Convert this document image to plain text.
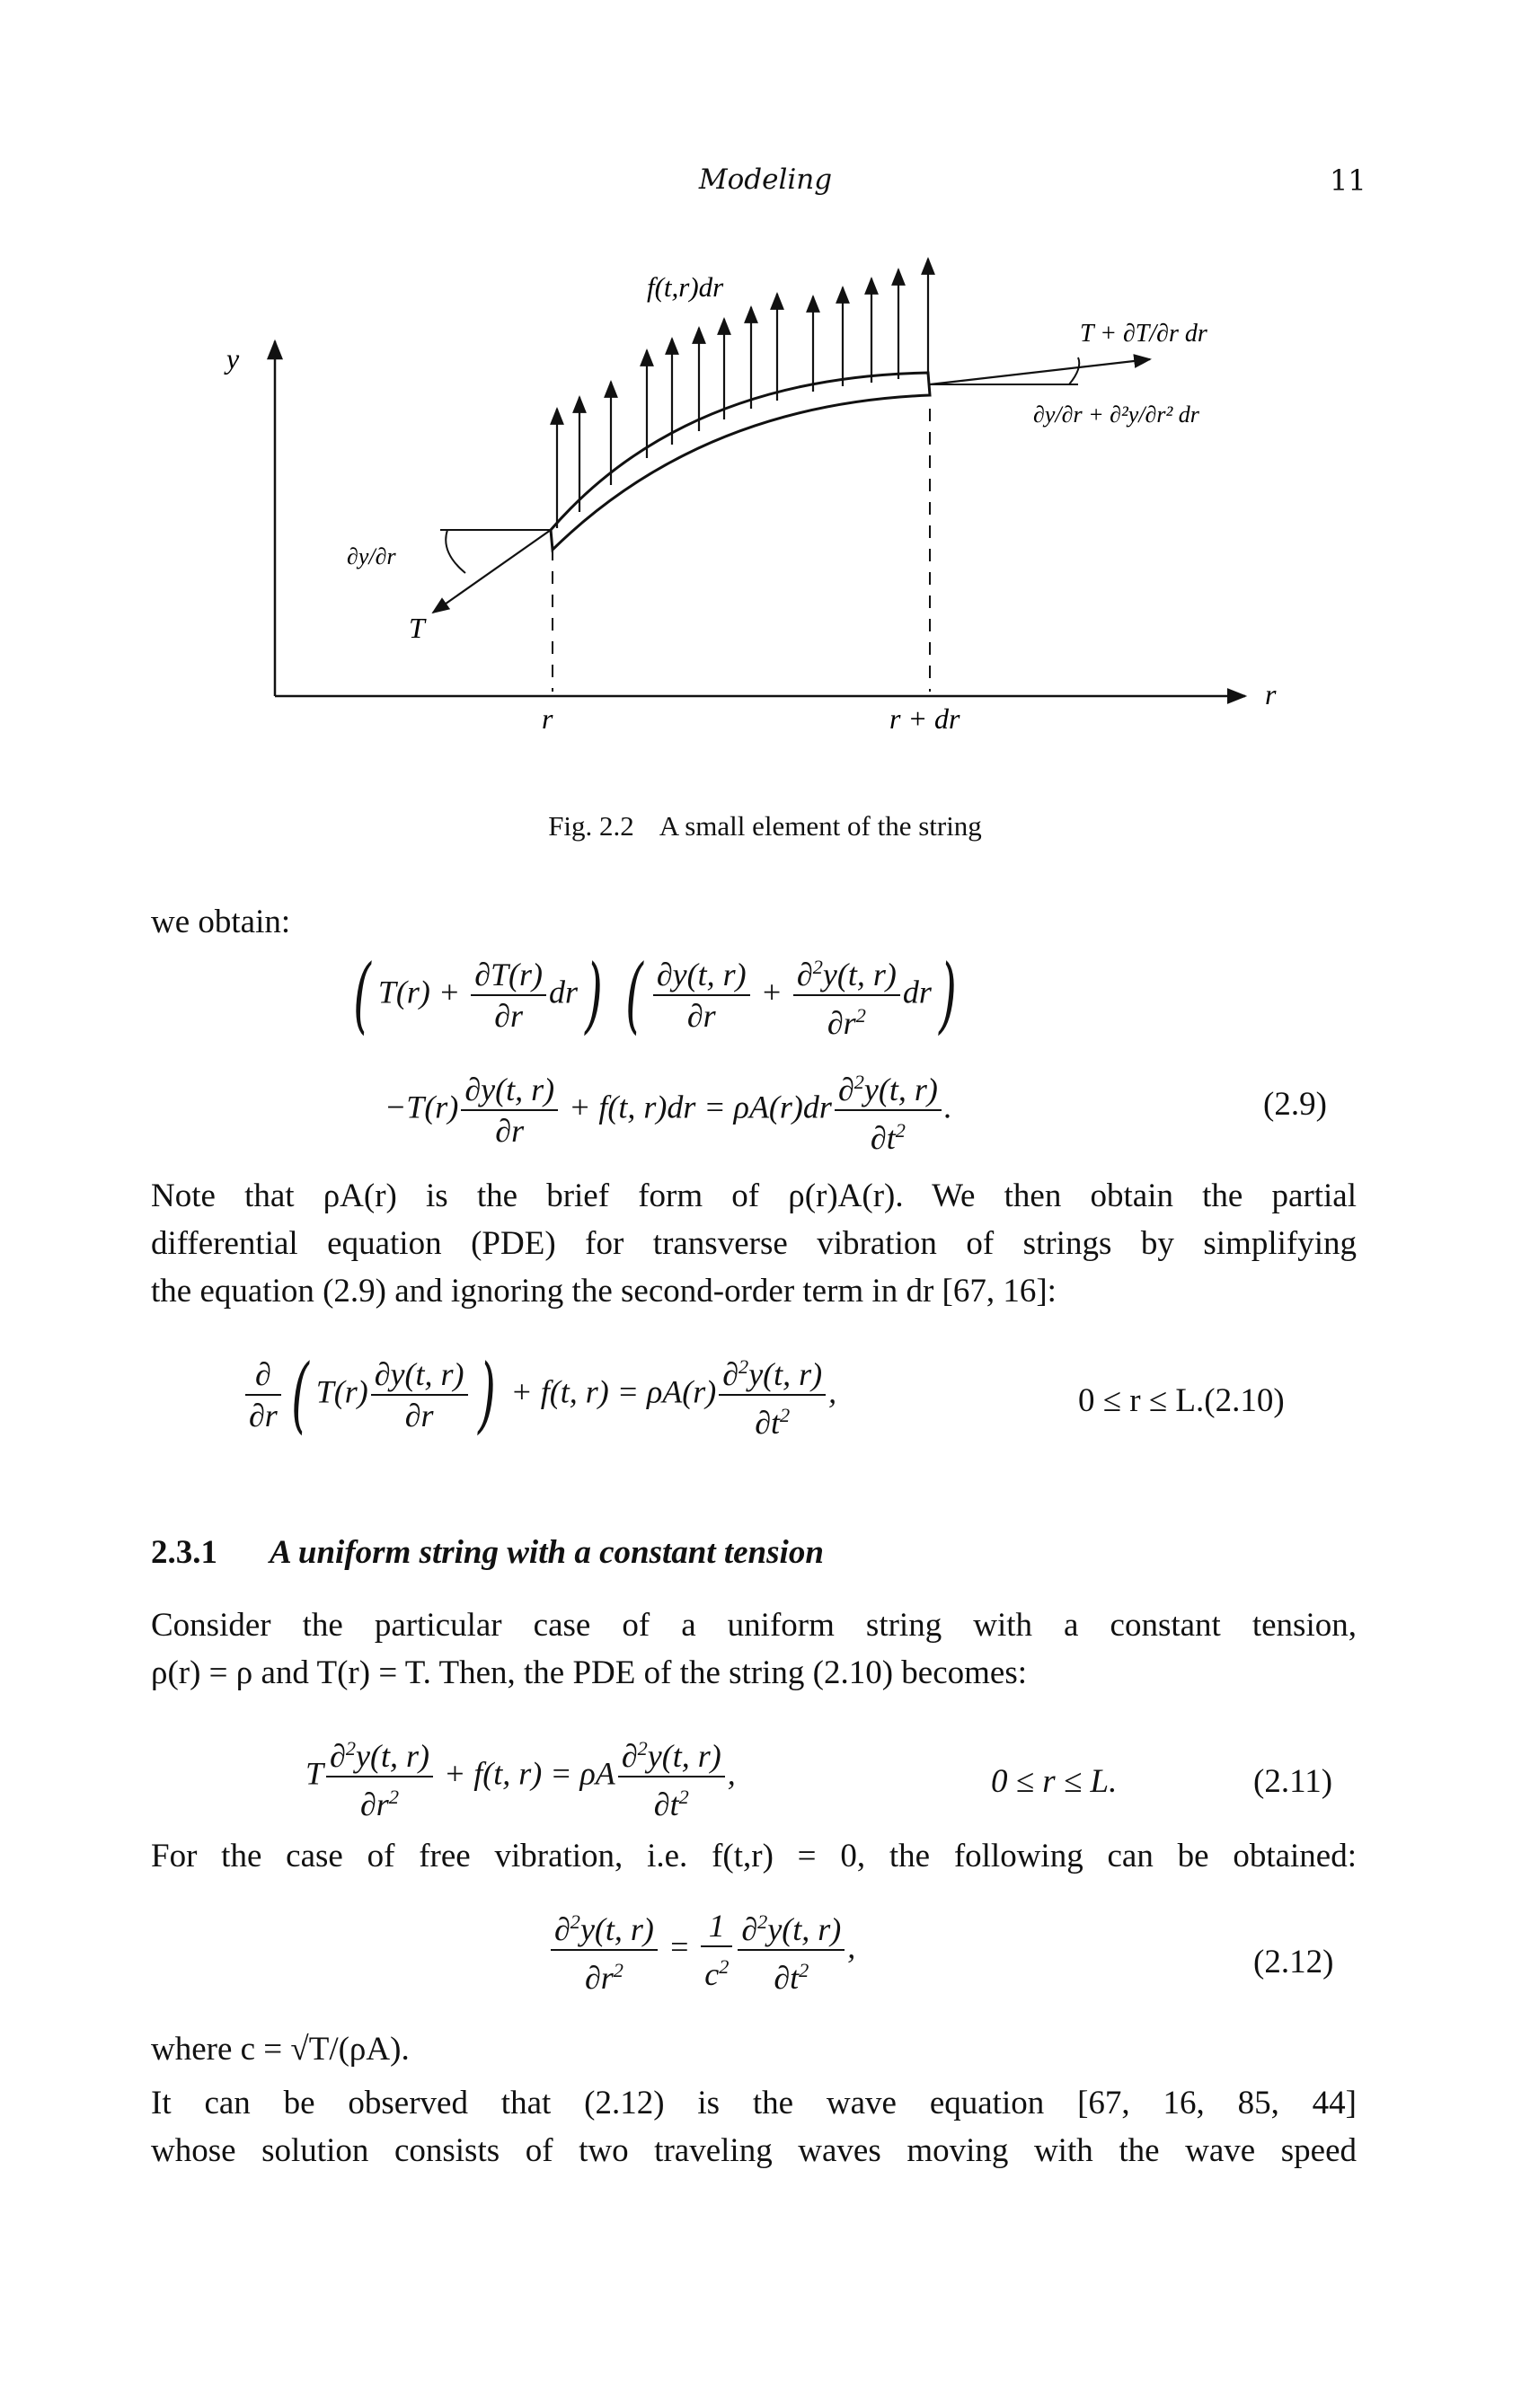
Modeling	11
y
r
r	r + dr
f(t,r)dr
T + ∂T/∂r dr
∂y/∂r + ∂²y/∂r² dr
∂y/∂r
T
Fig. 2.2 A small element of the string
we obtain:
( $T(r) + \frac{\partial T(r)}{\partial r} dr$) ( $\frac{\partial y(t, r)}{\partial r} + \frac{\partial^2y(t, r)}{\partial r^2} dr$)
$-T(r) \frac{\partial y(t, r)}{\partial r} + f(t$, $r)dr = \rho A(r)dr \frac{\partial^2y(t, r)}{\partial t^2}$ .	(2.9)
Note that ρA(r) is the brief form of ρ(r)A(r). We then obtain the partial
differential equation (PDE) for transverse vibration of strings by simplifying
the equation (2.9) and ignoring the second-order term in dr [67, 16]:
$\frac{\partial}{\partial r}$ ( $T(r) \frac{\partial y(t, r)}{\partial r}$ ) + f(t, $r) = \rho A(r) \frac{\partial^2y(t, r)}{\partial t^2}$ ,	0 ≤ r ≤ L.(2.10)
2.3.1 A uniform string with a constant tension
Consider the particular case of a uniform string with a constant tension,
ρ(r) = ρ and T(r) = T. Then, the PDE of the string (2.10) becomes:
T $\frac{\partial^2y(t, r)}{\partial r^2} + f(t$, r) = ρA $\frac{\partial^2y(t, r)}{\partial t^2}$ ,	0 ≤ r ≤ L.	(2.11)
For the case of free vibration, i.e. f(t,r) = 0, the following can be obtained:
$\frac{\partial^2y(t, r)}{\partial r^2} = \frac{1}{c^2} \frac{\partial^2y(t, r)}{\partial t^2}$ ,	(2.12)
where c = √T/(ρA).
It can be observed that (2.12) is the wave equation [67, 16, 85, 44]
whose solution consists of two traveling waves moving with the wave speed
